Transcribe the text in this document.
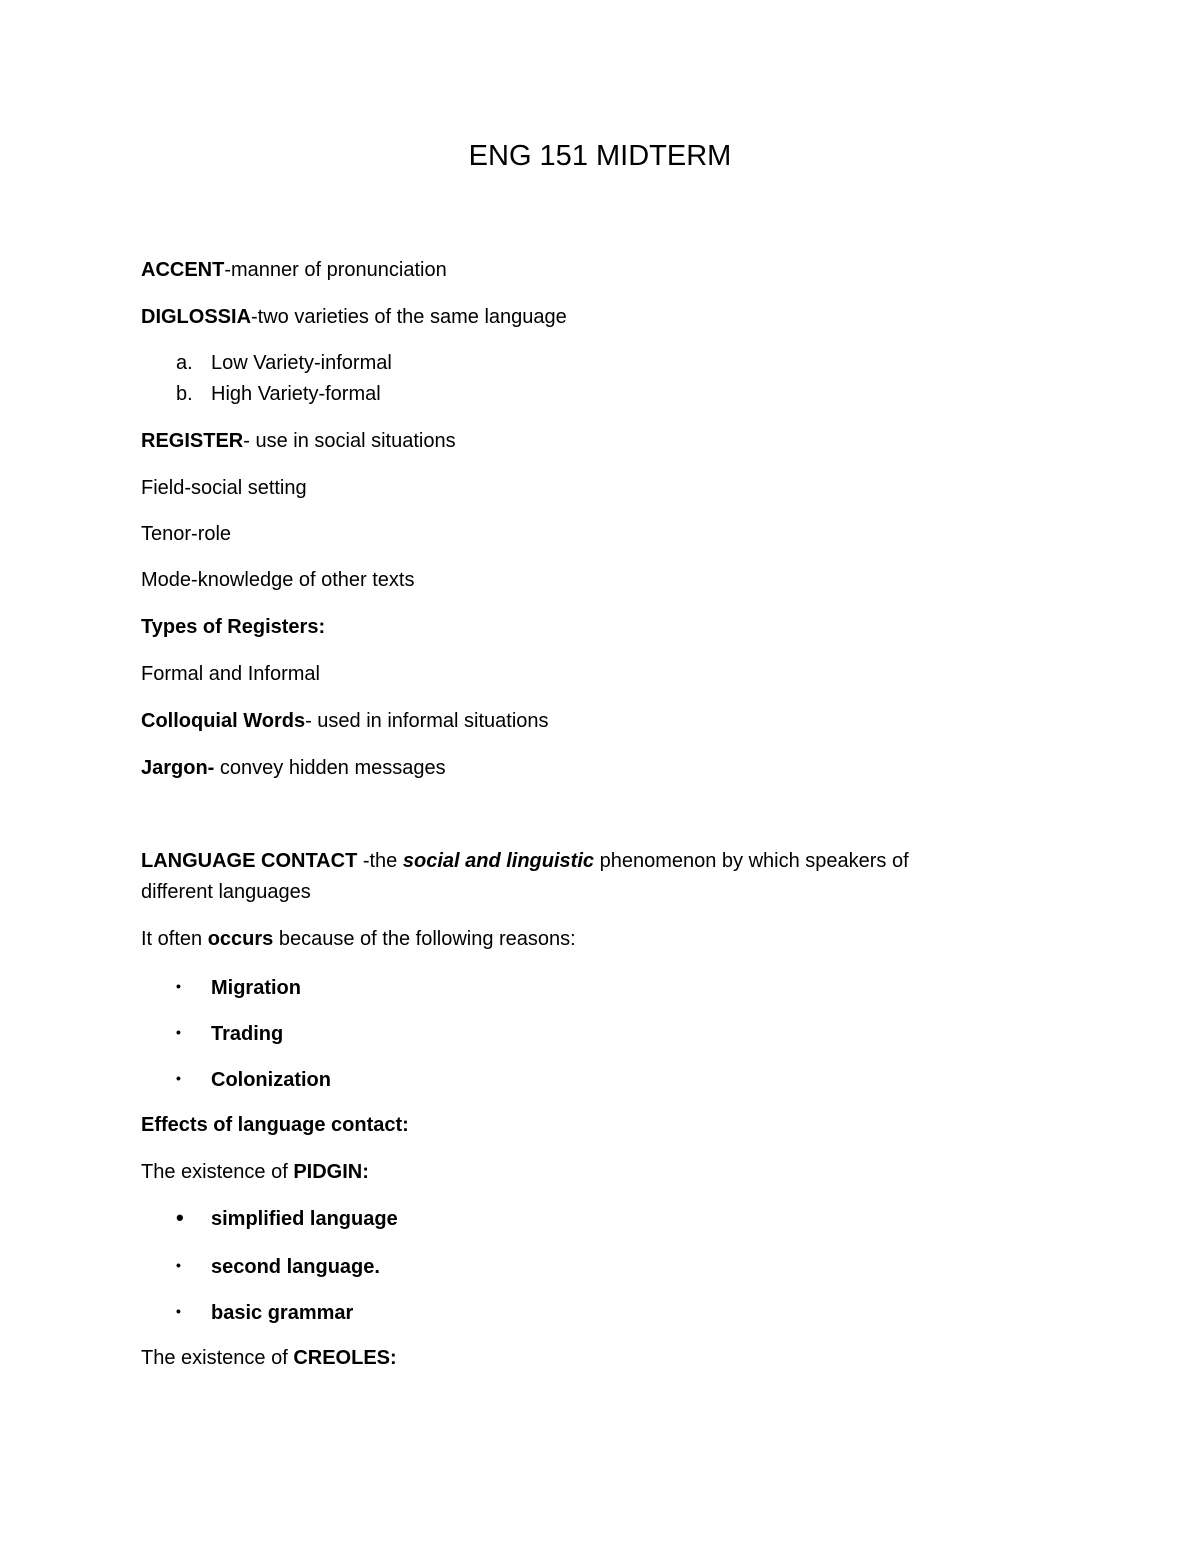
ENG 151 MIDTERM
ACCENT-manner of pronunciation
DIGLOSSIA-two varieties of the same language
a. Low Variety-informal
b. High Variety-formal
REGISTER- use in social situations
Field-social setting
Tenor-role
Mode-knowledge of other texts
Types of Registers:
Formal and Informal
Colloquial Words- used in informal situations
Jargon- convey hidden messages
LANGUAGE CONTACT -the social and linguistic phenomenon by which speakers of different languages
It often occurs because of the following reasons:
• Migration
• Trading
• Colonization
Effects of language contact:
The existence of PIDGIN:
• simplified language
• second language.
• basic grammar
The existence of CREOLES:
